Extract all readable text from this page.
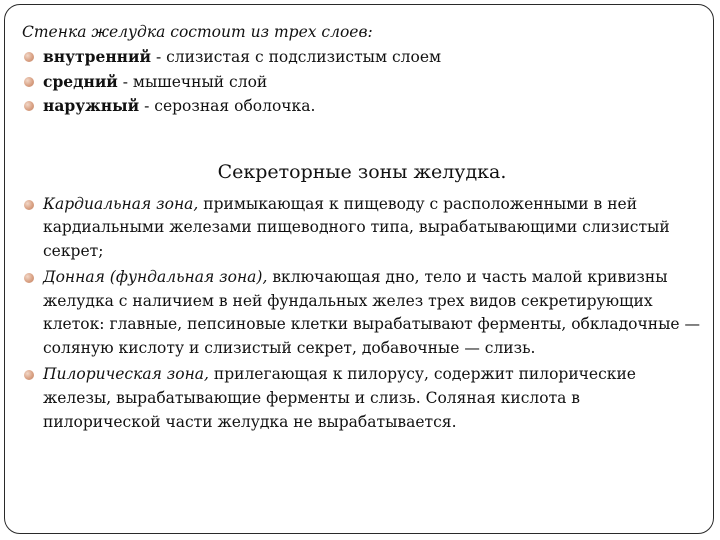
Стенка желудка состоит из трех слоев:

внутренний - слизистая с подслизистым слоем
средний - мышечный слой
наружный - серозная оболочка.
Секреторные зоны желудка.
Кардиальная зона, примыкающая к пищеводу с расположенными в ней кардиальными железами пищеводного типа, вырабатывающими слизистый секрет;
Донная (фундальная зона), включающая дно, тело и часть малой кривизны желудка с наличием в ней фундальных желез трех видов секретирующих клеток: главные, пепсиновые клетки вырабатывают ферменты, обкладочные — соляную кислоту и слизистый секрет, добавочные — слизь.
Пилорическая зона, прилегающая к пилорусу, содержит пилорические железы, вырабатывающие ферменты и слизь. Соляная кислота в пилорической части желудка не вырабатывается.
